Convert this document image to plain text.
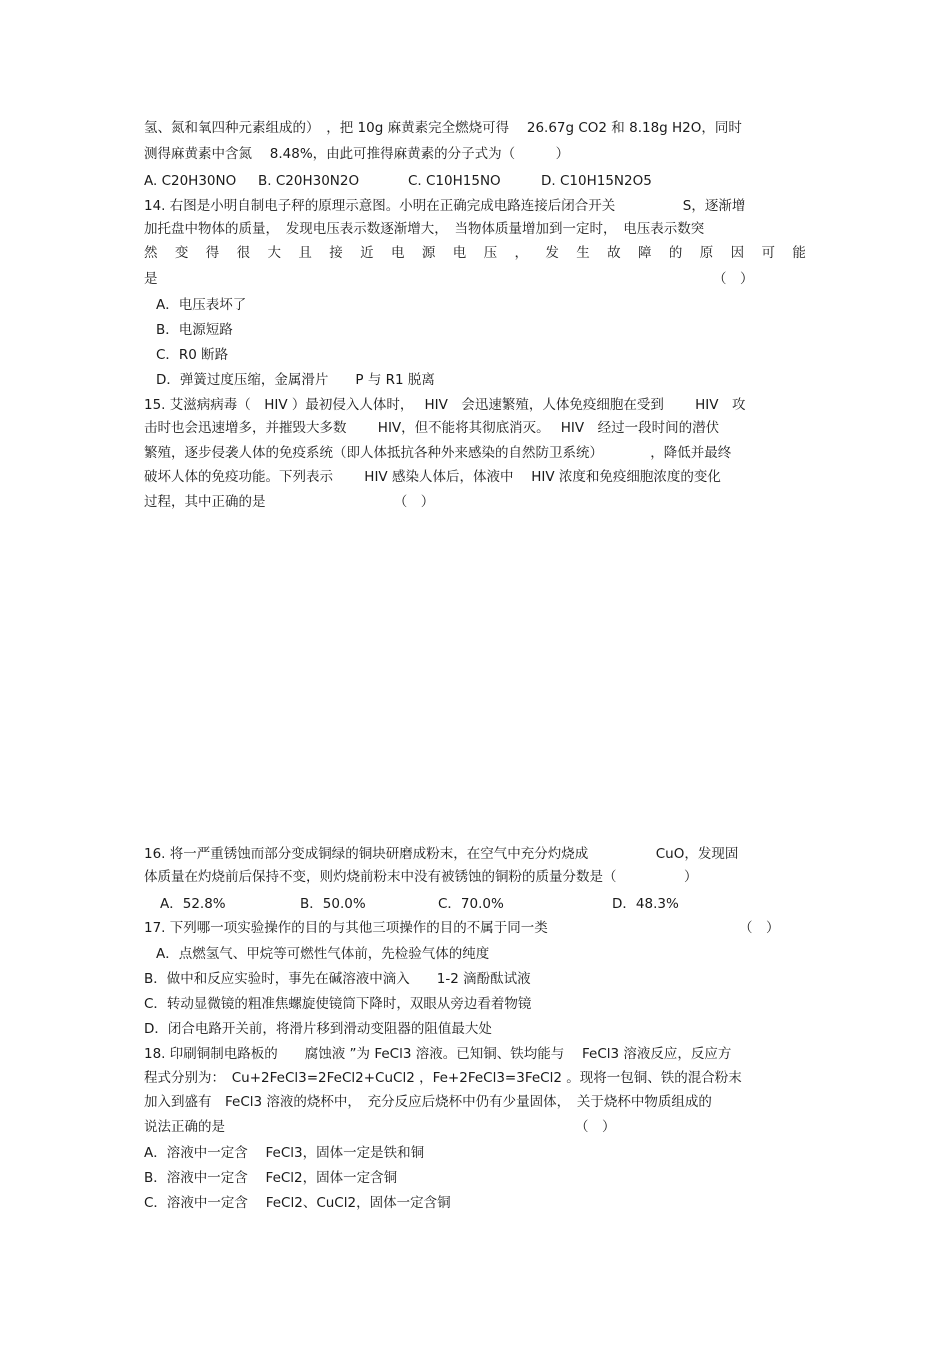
氢、氮和氧四种元素组成的）　，把 10g 麻黄素完全燃烧可得　 26.67g CO2 和 8.18g H2O，同时
测得麻黄素中含氮　 8.48%，由此可推得麻黄素的分子式为（　　　）
A. C20H30NO	B. C20H30N2O	C. C10H15NO	D. C10H15N2O5
14. 右图是小明自制电子秤的原理示意图。小明在正确完成电路连接后闭合开关　　　　　S，逐渐增
加托盘中物体的质量，　发现电压表示数逐渐增大，　当物体质量增加到一定时，　电压表示数突
然 变 得 很 大 且 接 近 电 源 电 压 ， 发 生 故 障 的 原 因 可 能
是	（　）
A．电压表坏了
B．电源短路
C．R0 断路
D．弹簧过度压缩，金属滑片　　P 与 R1 脱离
15. 艾滋病病毒（　HIV ）最初侵入人体时，　 HIV　会迅速繁殖，人体免疫细胞在受到　　 HIV　攻
击时也会迅速增多，并摧毁大多数　　 HIV，但不能将其彻底消灭。　 HIV　经过一段时间的潜伏
繁殖，逐步侵袭人体的免疫系统（即人体抵抗各种外来感染的自然防卫系统）　　　　，降低并最终
破坏人体的免疫功能。下列表示　　 HIV 感染人体后，体液中　 HIV 浓度和免疫细胞浓度的变化
过程，其中正确的是　　　　　　　　　　（　）
16. 将一严重锈蚀而部分变成铜绿的铜块研磨成粉末，在空气中充分灼烧成　　　　　CuO，发现固
体质量在灼烧前后保持不变，则灼烧前粉末中没有被锈蚀的铜粉的质量分数是（　　　　　）
A．52.8%	B．50.0%	C．70.0%	D．48.3%
17. 下列哪一项实验操作的目的与其他三项操作的目的不属于同一类	（　）
A．点燃氢气、甲烷等可燃性气体前，先检验气体的纯度
B．做中和反应实验时，事先在碱溶液中滴入　　1-2 滴酚酞试液
C．转动显微镜的粗准焦螺旋使镜筒下降时，双眼从旁边看着物镜
D．闭合电路开关前，将滑片移到滑动变阻器的阻值最大处
18. 印刷铜制电路板的　　腐蚀液 ”为 FeCl3 溶液。已知铜、铁均能与　 FeCl3 溶液反应，反应方
程式分别为：　Cu+2FeCl3=2FeCl2+CuCl2 ，Fe+2FeCl3=3FeCl2 。现将一包铜、铁的混合粉末
加入到盛有　FeCl3 溶液的烧杯中，　充分反应后烧杯中仍有少量固体，　关于烧杯中物质组成的
说法正确的是	（　）
A．溶液中一定含　 FeCl3，固体一定是铁和铜
B．溶液中一定含　 FeCl2，固体一定含铜
C．溶液中一定含　 FeCl2、CuCl2，固体一定含铜
